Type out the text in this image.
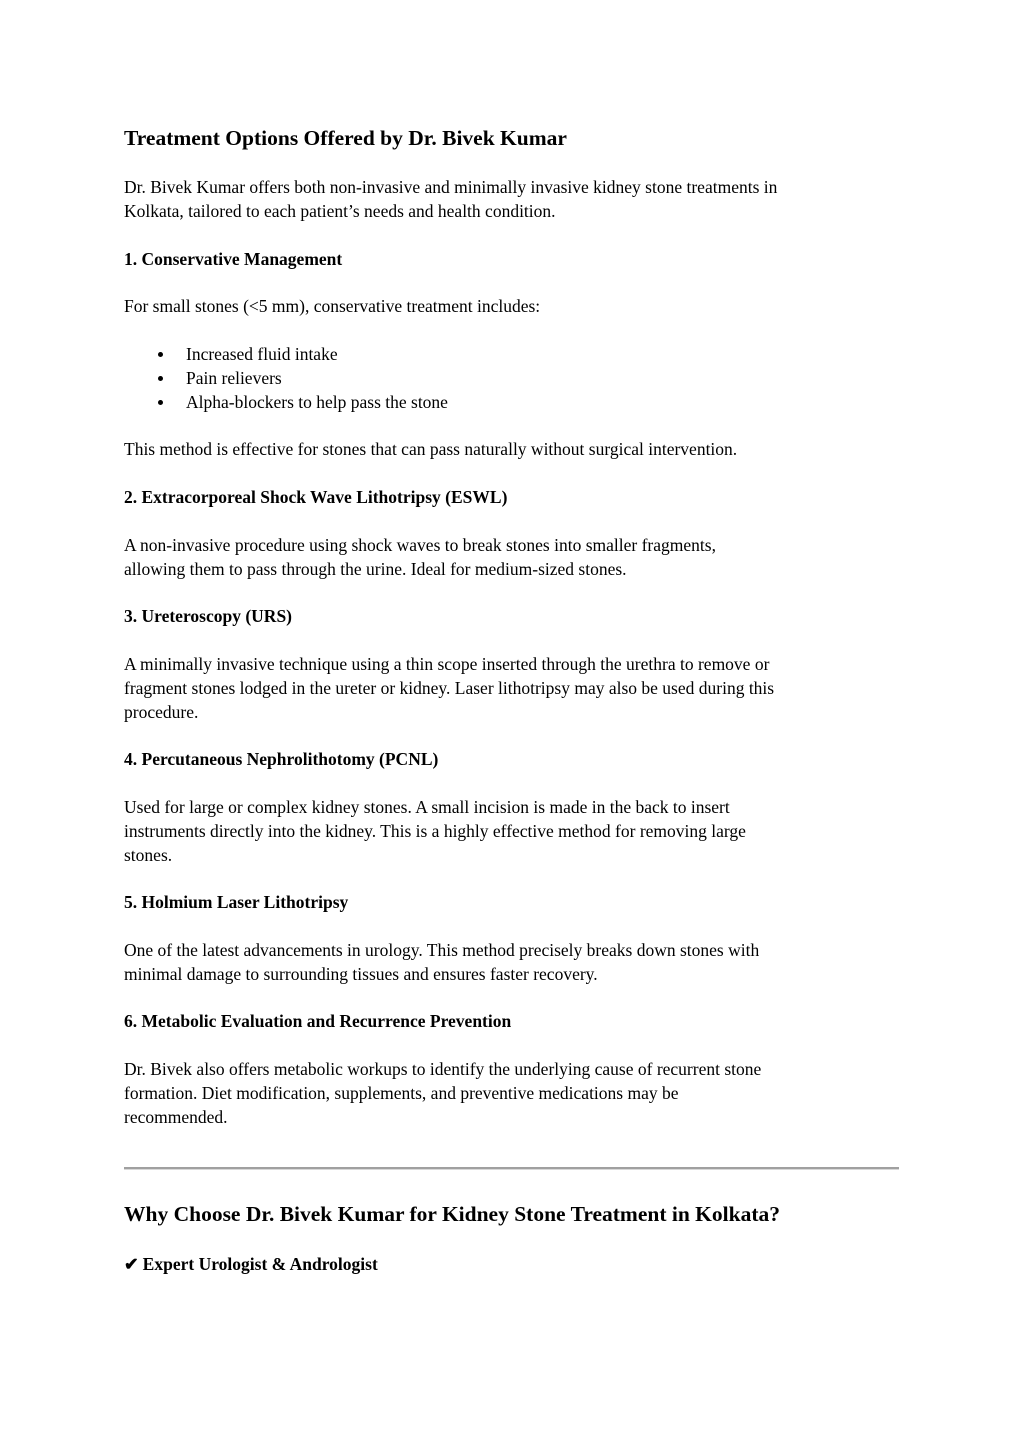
Treatment Options Offered by Dr. Bivek Kumar

Dr. Bivek Kumar offers both non-invasive and minimally invasive kidney stone treatments in
Kolkata, tailored to each patient’s needs and health condition.

1. Conservative Management

For small stones (<5 mm), conservative treatment includes:

Increased fluid intake
Pain relievers
Alpha-blockers to help pass the stone

This method is effective for stones that can pass naturally without surgical intervention.

2. Extracorporeal Shock Wave Lithotripsy (ESWL)

A non-invasive procedure using shock waves to break stones into smaller fragments,
allowing them to pass through the urine. Ideal for medium-sized stones.

3. Ureteroscopy (URS)

A minimally invasive technique using a thin scope inserted through the urethra to remove or
fragment stones lodged in the ureter or kidney. Laser lithotripsy may also be used during this
procedure.

4. Percutaneous Nephrolithotomy (PCNL)

Used for large or complex kidney stones. A small incision is made in the back to insert
instruments directly into the kidney. This is a highly effective method for removing large
stones.

5. Holmium Laser Lithotripsy

One of the latest advancements in urology. This method precisely breaks down stones with
minimal damage to surrounding tissues and ensures faster recovery.

6. Metabolic Evaluation and Recurrence Prevention

Dr. Bivek also offers metabolic workups to identify the underlying cause of recurrent stone
formation. Diet modification, supplements, and preventive medications may be
recommended.

Why Choose Dr. Bivek Kumar for Kidney Stone Treatment in Kolkata?
✔ Expert Urologist & Andrologist
